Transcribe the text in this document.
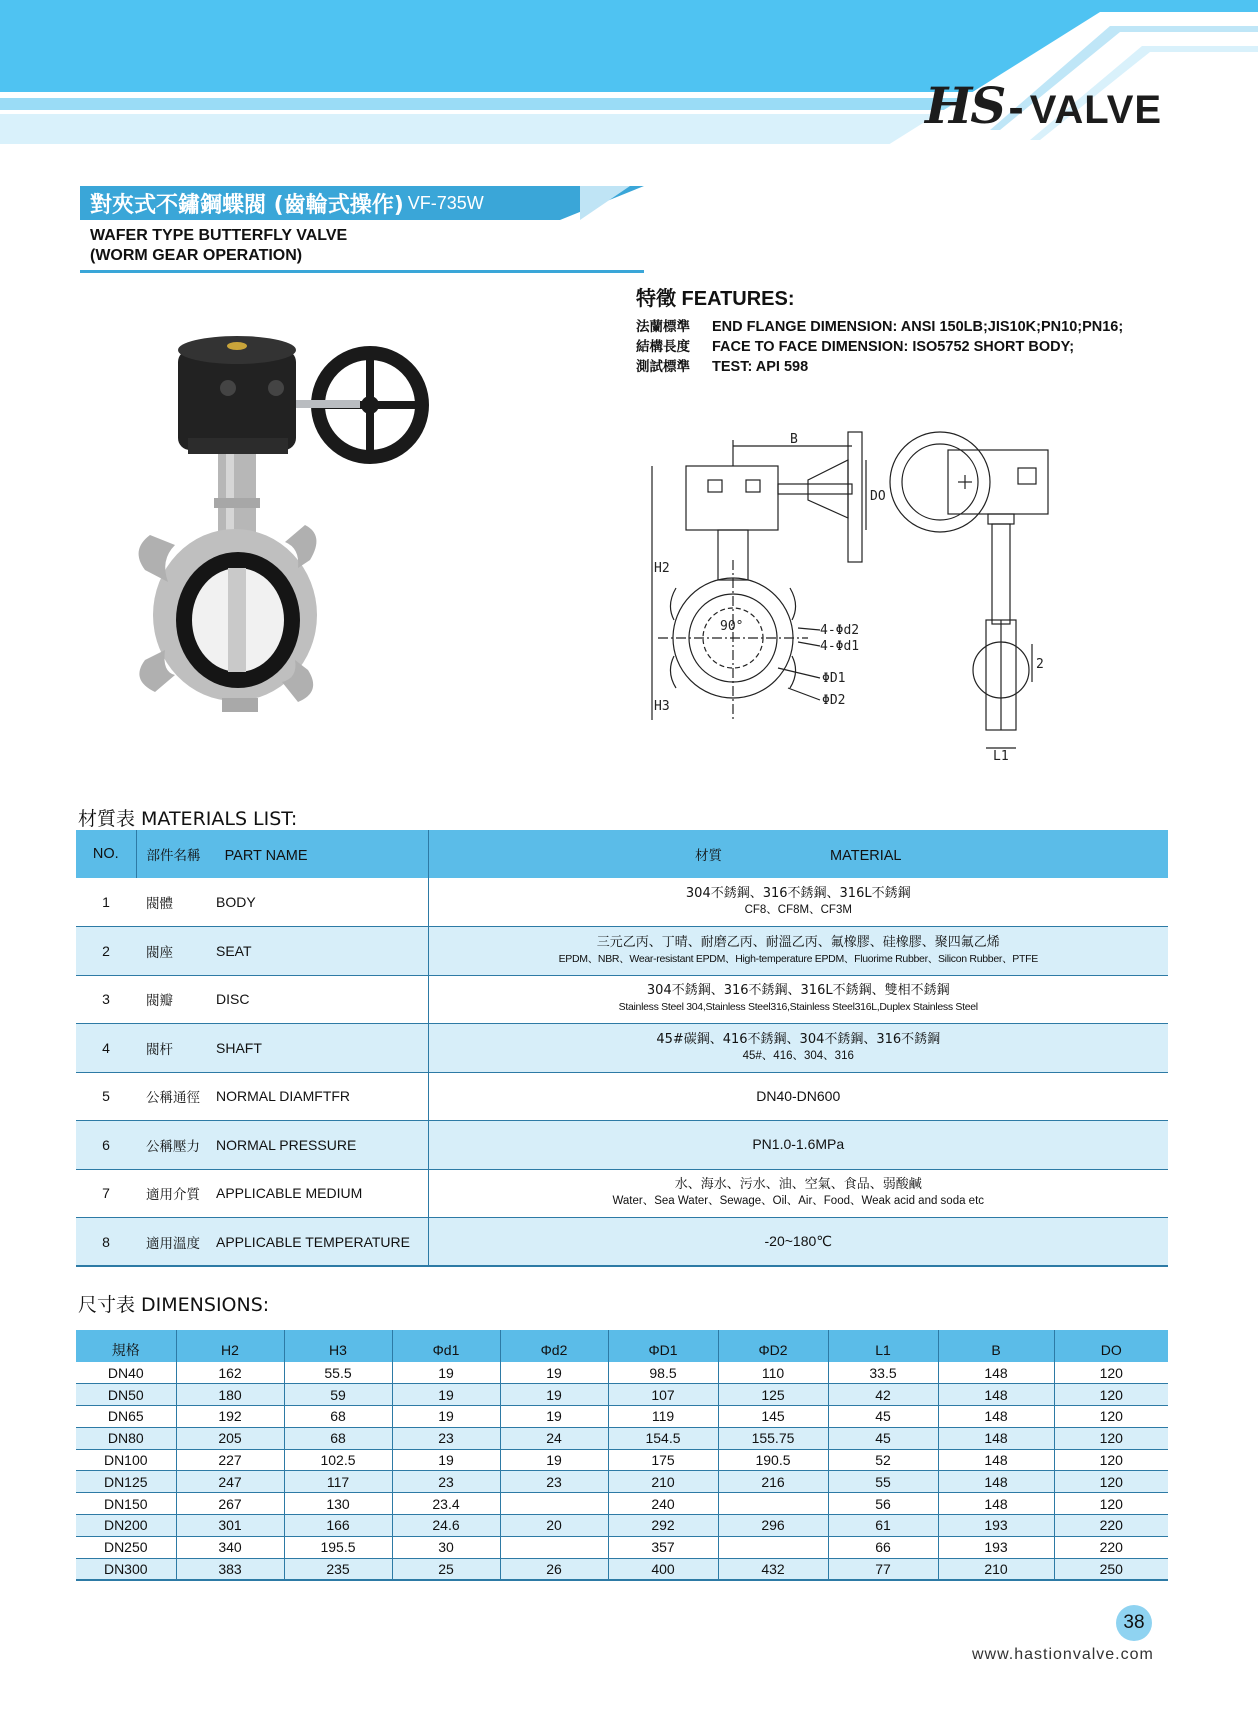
HS - VALVE
對夾式不鏽鋼蝶閥 (齒輪式操作) VF-735W
WAFER TYPE BUTTERFLY VALVE
(WORM GEAR OPERATION)
特徵 FEATURES:
法蘭標準	END FLANGE DIMENSION: ANSI 150LB;JIS10K;PN10;PN16;
結構長度	FACE TO FACE DIMENSION: ISO5752 SHORT BODY;
測試標準	TEST: API 598
B
DO
H2
H3
90°	4-Φd2
4-Φd1
ΦD1
ΦD2
L1
2
材質表 MATERIALS LIST:
NO.	部件名稱 PART NAME		材質 MATERIAL
1	閥體	BODY	304不銹鋼、316不銹鋼、316L不銹鋼
CF8、CF8M、CF3M

2	閥座	SEAT	三元乙丙、丁晴、耐磨乙丙、耐溫乙丙、氟橡膠、硅橡膠、聚四氟乙烯
EPDM、NBR、Wear-resistant EPDM、High-temperature EPDM、Fluorime Rubber、Silicon Rubber、PTFE

3	閥瓣	DISC	304不銹鋼、316不銹鋼、316L不銹鋼、雙相不銹鋼
Stainless Steel 304,Stainless Steel316,Stainless Steel316L,Duplex Stainless Steel

4	閥杆	SHAFT	45#碳鋼、416不銹鋼、304不銹鋼、316不銹鋼
45#、416、304、316

5	公稱通徑	NORMAL DIAMFTFR	DN40-DN600

6	公稱壓力	NORMAL PRESSURE	PN1.0-1.6MPa

7	適用介質	APPLICABLE MEDIUM	水、海水、污水、油、空氣、食品、弱酸鹹
Water、Sea Water、Sewage、Oil、Air、Food、Weak acid and soda etc

8	適用溫度	APPLICABLE TEMPERATURE	-20~180℃
尺寸表 DIMENSIONS:
規格	H2	H3	Φd1	Φd2	ΦD1	ΦD2	L1	B	DO
DN40	162	55.5	19	19	98.5	110	33.5	148	120
DN50	180	59	19	19	107	125	42	148	120
DN65	192	68	19	19	119	145	45	148	120
DN80	205	68	23	24	154.5	155.75	45	148	120
DN100	227	102.5	19	19	175	190.5	52	148	120
DN125	247	117	23	23	210	216	55	148	120
DN150	267	130	23.4		240		56	148	120
DN200	301	166	24.6	20	292	296	61	193	220
DN250	340	195.5	30		357		66	193	220
DN300	383	235	25	26	400	432	77	210	250
38
www.hastionvalve.com
